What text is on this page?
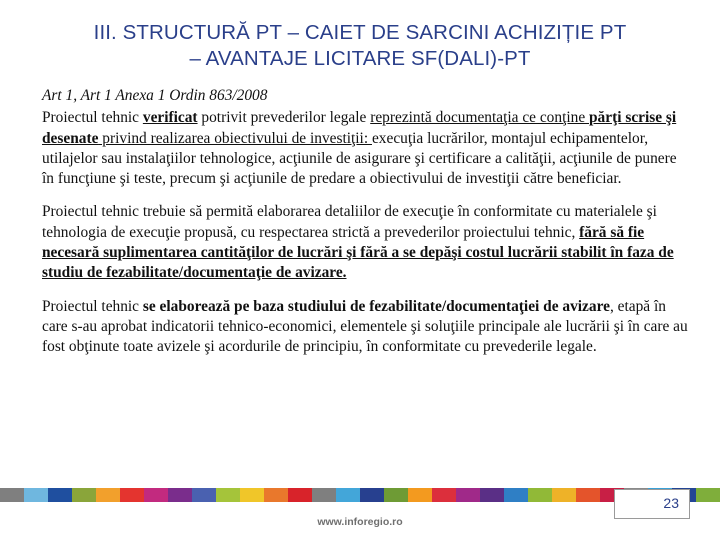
III. STRUCTURĂ PT – CAIET DE SARCINI ACHIZIȚIE PT
– AVANTAJE LICITARE SF(DALI)-PT

Art 1, Art 1 Anexa 1 Ordin 863/2008

Proiectul tehnic verificat potrivit prevederilor legale reprezintă documentaţia ce conţine părţi scrise şi desenate privind realizarea obiectivului de investiţii: execuţia lucrărilor, montajul echipamentelor, utilajelor sau instalaţiilor tehnologice, acţiunile de asigurare şi certificare a calităţii, acţiunile de punere în funcţiune şi teste, precum şi acţiunile de predare a obiectivului de investiţii către beneficiar.

Proiectul tehnic trebuie să permită elaborarea detaliilor de execuţie în conformitate cu materialele şi tehnologia de execuţie propusă, cu respectarea strictă a prevederilor proiectului tehnic, fără să fie necesară suplimentarea cantităţilor de lucrări şi fără a se depăşi costul lucrării stabilit în faza de studiu de fezabilitate/documentaţie de avizare.

Proiectul tehnic se elaborează pe baza studiului de fezabilitate/documentaţiei de avizare, etapă în care s-au aprobat indicatorii tehnico-economici, elementele şi soluţiile principale ale lucrării şi în care au fost obţinute toate avizele şi acordurile de principiu, în conformitate cu prevederile legale.

23
www.inforegio.ro
